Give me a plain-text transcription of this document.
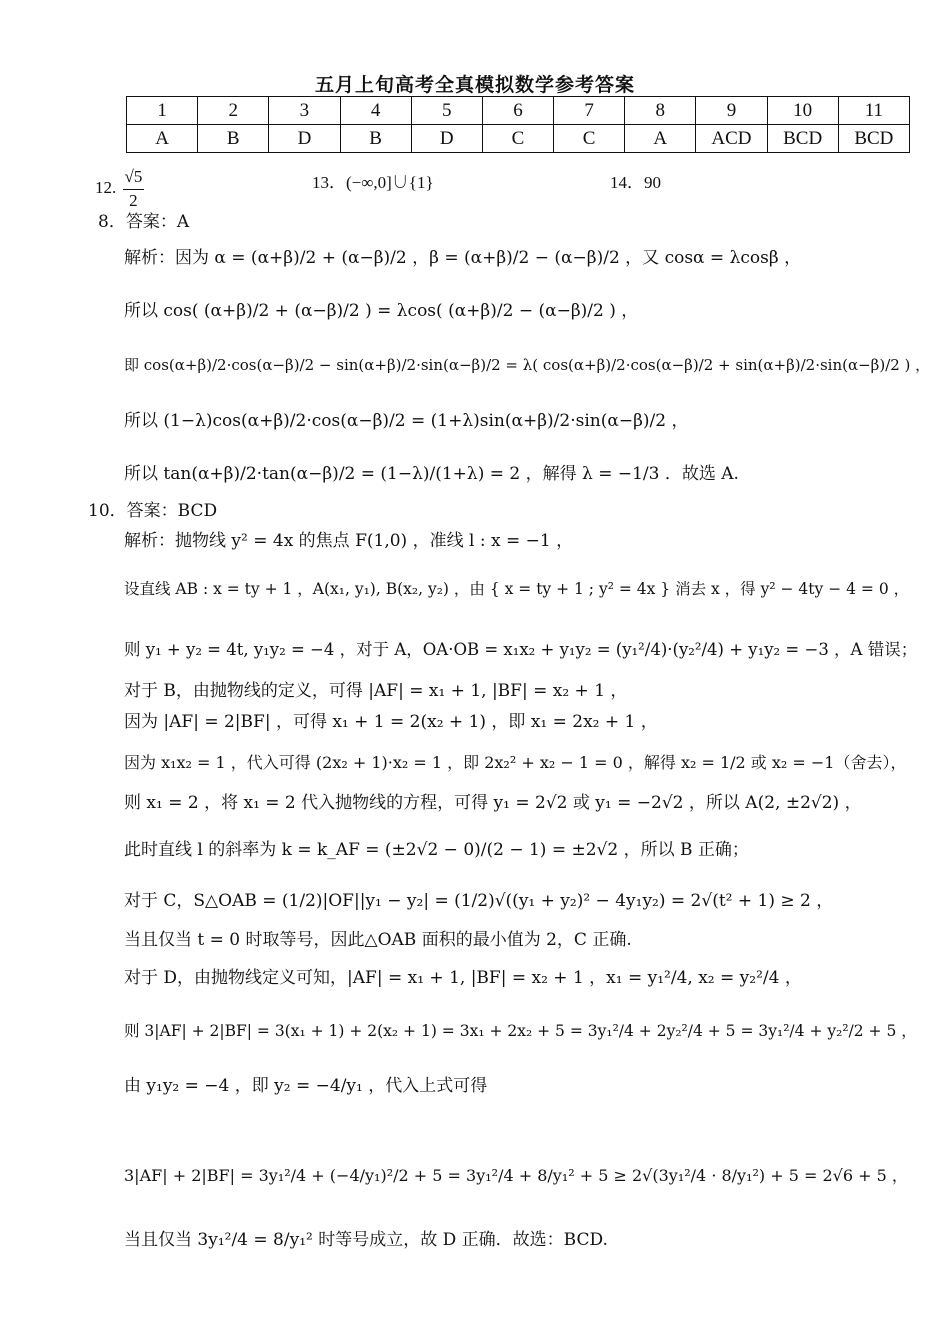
五月上旬高考全真模拟数学参考答案
1	2	3	4	5	6	7	8	9	10	11
A	B	D	B	D	C	C	A	ACD	BCD	BCD
12. $\frac{√5}{2}$	13．(−∞,0]∪{1}	14．90
8．答案：A
解析：因为 α = (α+β)/2 + (α−β)/2 ，β = (α+β)/2 − (α−β)/2 ，又 cosα = λcosβ ，
所以 cos( (α+β)/2 + (α−β)/2 ) = λcos( (α+β)/2 − (α−β)/2 ) ，
即 cos(α+β)/2·cos(α−β)/2 − sin(α+β)/2·sin(α−β)/2 = λ( cos(α+β)/2·cos(α−β)/2 + sin(α+β)/2·sin(α−β)/2 ) ，
所以 (1−λ)cos(α+β)/2·cos(α−β)/2 = (1+λ)sin(α+β)/2·sin(α−β)/2 ，
所以 tan(α+β)/2·tan(α−β)/2 = (1−λ)/(1+λ) = 2 ，解得 λ = −1/3 ．故选 A.
10．答案：BCD
解析：抛物线 y² = 4x 的焦点 F(1,0) ，准线 l : x = −1 ，
设直线 AB : x = ty + 1 ，A(x₁, y₁), B(x₂, y₂) ，由 { x = ty + 1 ; y² = 4x } 消去 x ，得 y² − 4ty − 4 = 0 ，
则 y₁ + y₂ = 4t, y₁y₂ = −4 ，对于 A，OA·OB = x₁x₂ + y₁y₂ = (y₁²/4)·(y₂²/4) + y₁y₂ = −3 ，A 错误；
对于 B，由抛物线的定义，可得 |AF| = x₁ + 1, |BF| = x₂ + 1 ，
因为 |AF| = 2|BF| ，可得 x₁ + 1 = 2(x₂ + 1) ，即 x₁ = 2x₂ + 1 ，
因为 x₁x₂ = 1 ，代入可得 (2x₂ + 1)·x₂ = 1 ，即 2x₂² + x₂ − 1 = 0 ，解得 x₂ = 1/2 或 x₂ = −1（舍去），
则 x₁ = 2 ，将 x₁ = 2 代入抛物线的方程，可得 y₁ = 2√2 或 y₁ = −2√2 ，所以 A(2, ±2√2) ，
此时直线 l 的斜率为 k = k_AF = (±2√2 − 0)/(2 − 1) = ±2√2 ，所以 B 正确；
对于 C，S△OAB = (1/2)|OF||y₁ − y₂| = (1/2)√((y₁ + y₂)² − 4y₁y₂) = 2√(t² + 1) ≥ 2 ，
当且仅当 t = 0 时取等号，因此△OAB 面积的最小值为 2，C 正确.
对于 D，由抛物线定义可知，|AF| = x₁ + 1, |BF| = x₂ + 1 ，x₁ = y₁²/4, x₂ = y₂²/4 ，
则 3|AF| + 2|BF| = 3(x₁ + 1) + 2(x₂ + 1) = 3x₁ + 2x₂ + 5 = 3y₁²/4 + 2y₂²/4 + 5 = 3y₁²/4 + y₂²/2 + 5 ，
由 y₁y₂ = −4 ，即 y₂ = −4/y₁ ，代入上式可得
3|AF| + 2|BF| = 3y₁²/4 + (−4/y₁)²/2 + 5 = 3y₁²/4 + 8/y₁² + 5 ≥ 2√(3y₁²/4 · 8/y₁²) + 5 = 2√6 + 5 ，
当且仅当 3y₁²/4 = 8/y₁² 时等号成立，故 D 正确．故选：BCD.
